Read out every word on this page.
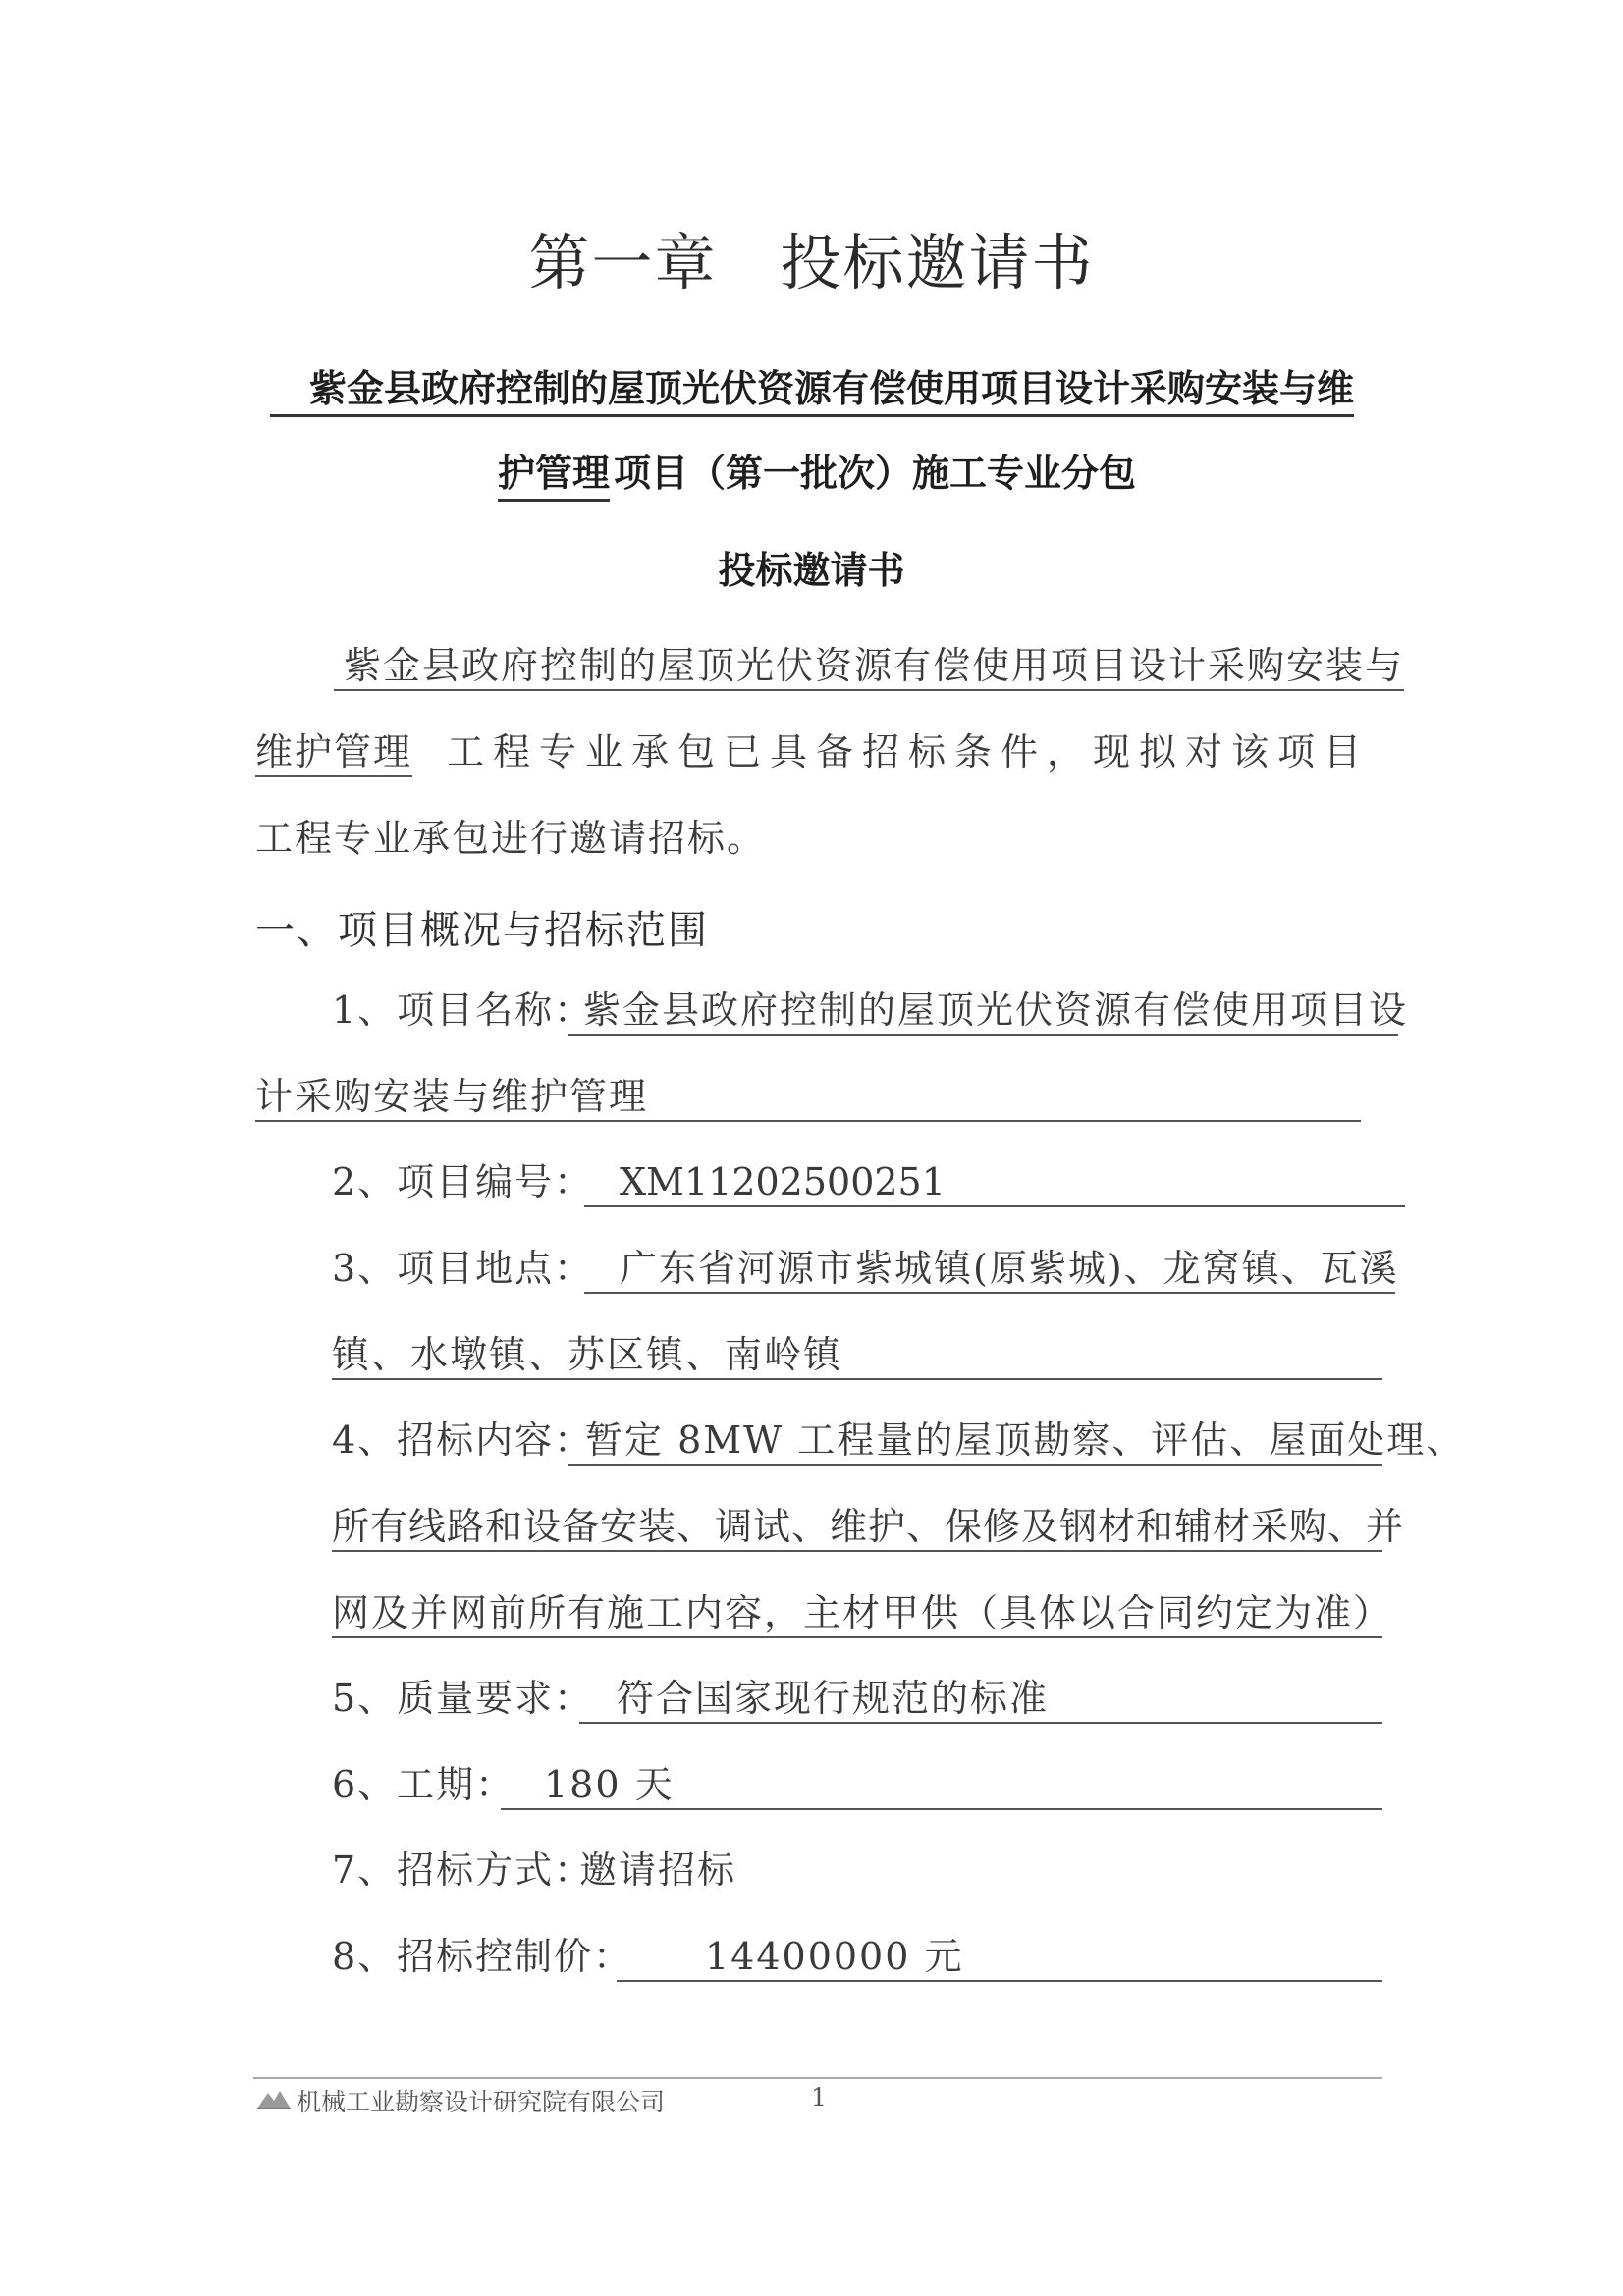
第一章　投标邀请书
紫金县政府控制的屋顶光伏资源有偿使用项目设计采购安装与维
护管理 项目（第一批次）施工专业分包
投标邀请书
紫金县政府控制的屋顶光伏资源有偿使用项目设计采购安装与
维护管理 工程专业承包已具备招标条件，现拟对该项目
工程专业承包进行邀请招标。
一、项目概况与招标范围
1、项目名称：
紫金县政府控制的屋顶光伏资源有偿使用项目设
计采购安装与维护管理
2、项目编号： XM11202500251
3、项目地点： 广东省河源市紫城镇(原紫城)、龙窝镇、瓦溪
镇、水墩镇、苏区镇、南岭镇
4、招标内容：
暂定 8MW 工程量的屋顶勘察、评估、屋面处理、
所有线路和设备安装、调试、维护、保修及钢材和辅材采购、并
网及并网前所有施工内容，主材甲供（具体以合同约定为准）
5、质量要求： 符合国家现行规范的标准
6、工期： 180 天
7、招标方式：
邀请招标
8、招标控制价：	14400000 元
机械工业勘察设计研究院有限公司	1
